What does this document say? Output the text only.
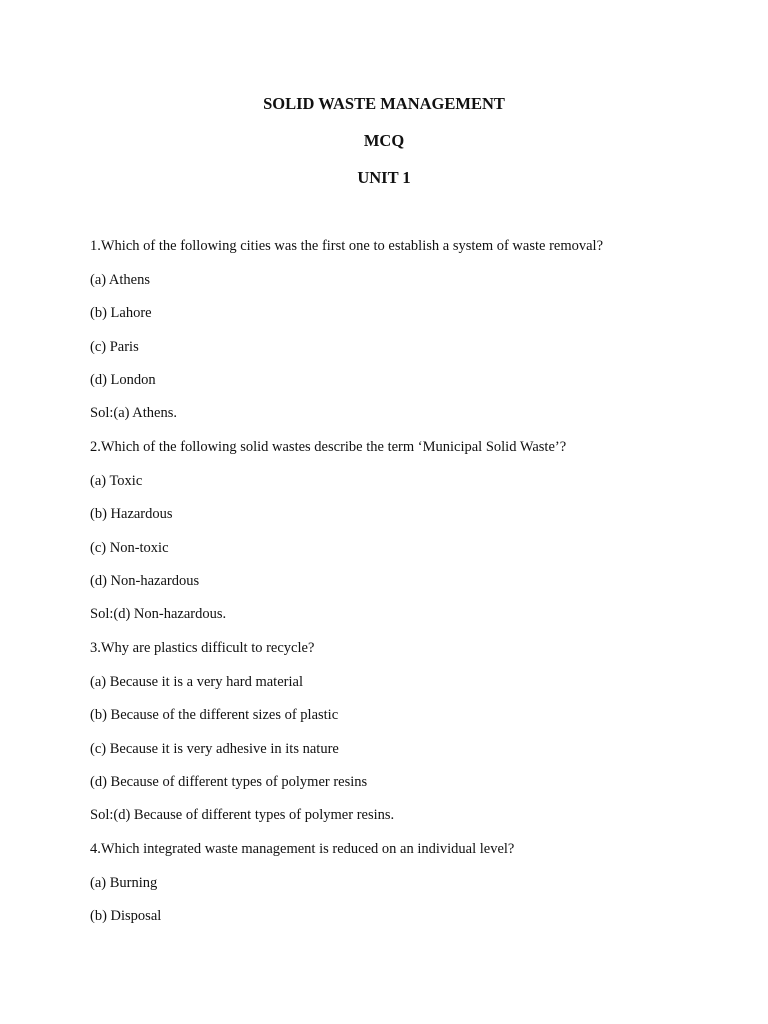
SOLID WASTE MANAGEMENT
MCQ
UNIT 1
1.Which of the following cities was the first one to establish a system of waste removal?
(a) Athens
(b) Lahore
(c) Paris
(d) London
Sol:(a) Athens.
2.Which of the following solid wastes describe the term ‘Municipal Solid Waste’?
(a) Toxic
(b) Hazardous
(c) Non-toxic
(d) Non-hazardous
Sol:(d) Non-hazardous.
3.Why are plastics difficult to recycle?
(a) Because it is a very hard material
(b) Because of the different sizes of plastic
(c) Because it is very adhesive in its nature
(d) Because of different types of polymer resins
Sol:(d) Because of different types of polymer resins.
4.Which integrated waste management is reduced on an individual level?
(a) Burning
(b) Disposal
